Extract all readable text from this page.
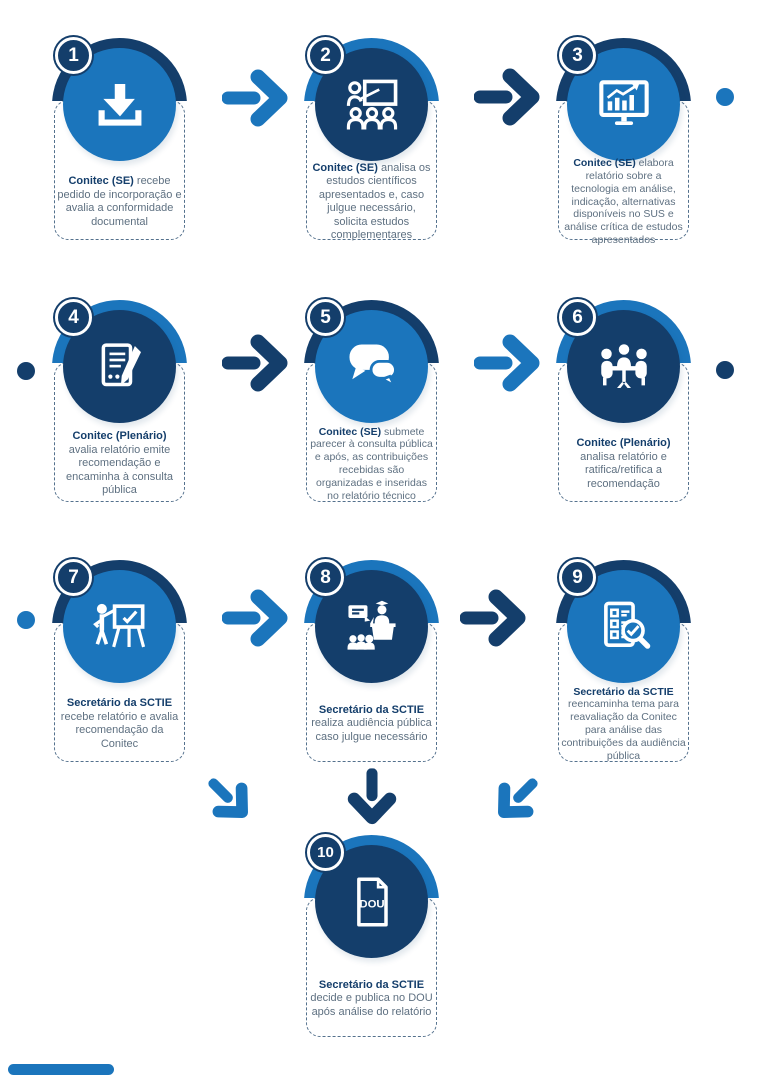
1
Conitec (SE) recebe pedido de incorporação e avalia a conformidade documental
2
Conitec (SE) analisa os estudos científicos apresentados e, caso julgue necessário, solicita estudos complementares
3
Conitec (SE) elabora relatório sobre a tecnologia em análise, indicação, alternativas disponíveis no SUS e análise crítica de estudos apresentados
4
Conitec (Plenário) avalia relatório emite recomendação e encaminha à consulta pública
5
Conitec (SE) submete parecer à consulta pública e após, as contribuições recebidas são organizadas e inseridas no relatório técnico
6
Conitec (Plenário) analisa relatório e ratifica/retifica a recomendação
7
Secretário da SCTIE recebe relatório e avalia recomendação da Conitec
8
Secretário da SCTIE realiza audiência pública caso julgue necessário
9
Secretário da SCTIE reencaminha tema para reavaliação da Conitec para análise das contribuições da audiência pública
DOU
10
Secretário da SCTIE decide e publica no DOU após análise do relatório
